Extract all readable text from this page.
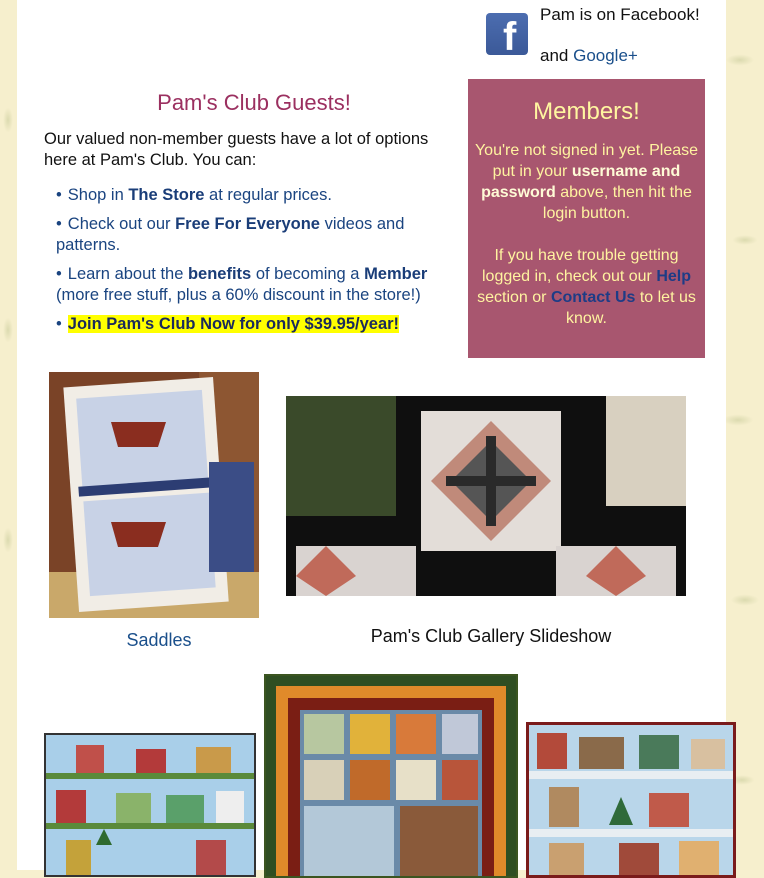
f
Pam is on Facebook!
and Google+
Pam's Club Guests!
Our valued non-member guests have a lot of options here at Pam's Club. You can:
• Shop in The Store at regular prices.
• Check out our Free For Everyone videos and patterns.
• Learn about the benefits of becoming a Member (more free stuff, plus a 60% discount in the store!)
• Join Pam's Club Now for only $39.95/year!
Members!
You're not signed in yet. Please put in your username and password above, then hit the login button.
If you have trouble getting logged in, check out our Help section or Contact Us to let us know.
Saddles	Pam's Club Gallery Slideshow
